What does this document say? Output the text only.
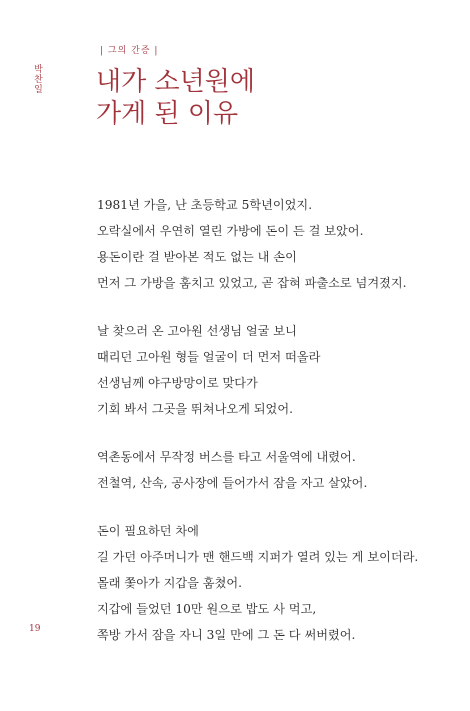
| 그의 간증 |
박찬일 내가 소년원에
가게 된 이유
1981년 가을, 난 초등학교 5학년이었지.
오락실에서 우연히 열린 가방에 돈이 든 걸 보았어.
용돈이란 걸 받아본 적도 없는 내 손이
먼저 그 가방을 훔치고 있었고, 곧 잡혀 파출소로 넘겨졌지.
날 찾으러 온 고아원 선생님 얼굴 보니
때리던 고아원 형들 얼굴이 더 먼저 떠올라
선생님께 야구방망이로 맞다가
기회 봐서 그곳을 뛰쳐나오게 되었어.
역촌동에서 무작정 버스를 타고 서울역에 내렸어.
전철역, 산속, 공사장에 들어가서 잠을 자고 살았어.
돈이 필요하던 차에
길 가던 아주머니가 맨 핸드백 지퍼가 열려 있는 게 보이더라.
몰래 쫓아가 지갑을 훔쳤어.
지갑에 들었던 10만 원으로 밥도 사 먹고,
쪽방 가서 잠을 자니 3일 만에 그 돈 다 써버렸어.
19
